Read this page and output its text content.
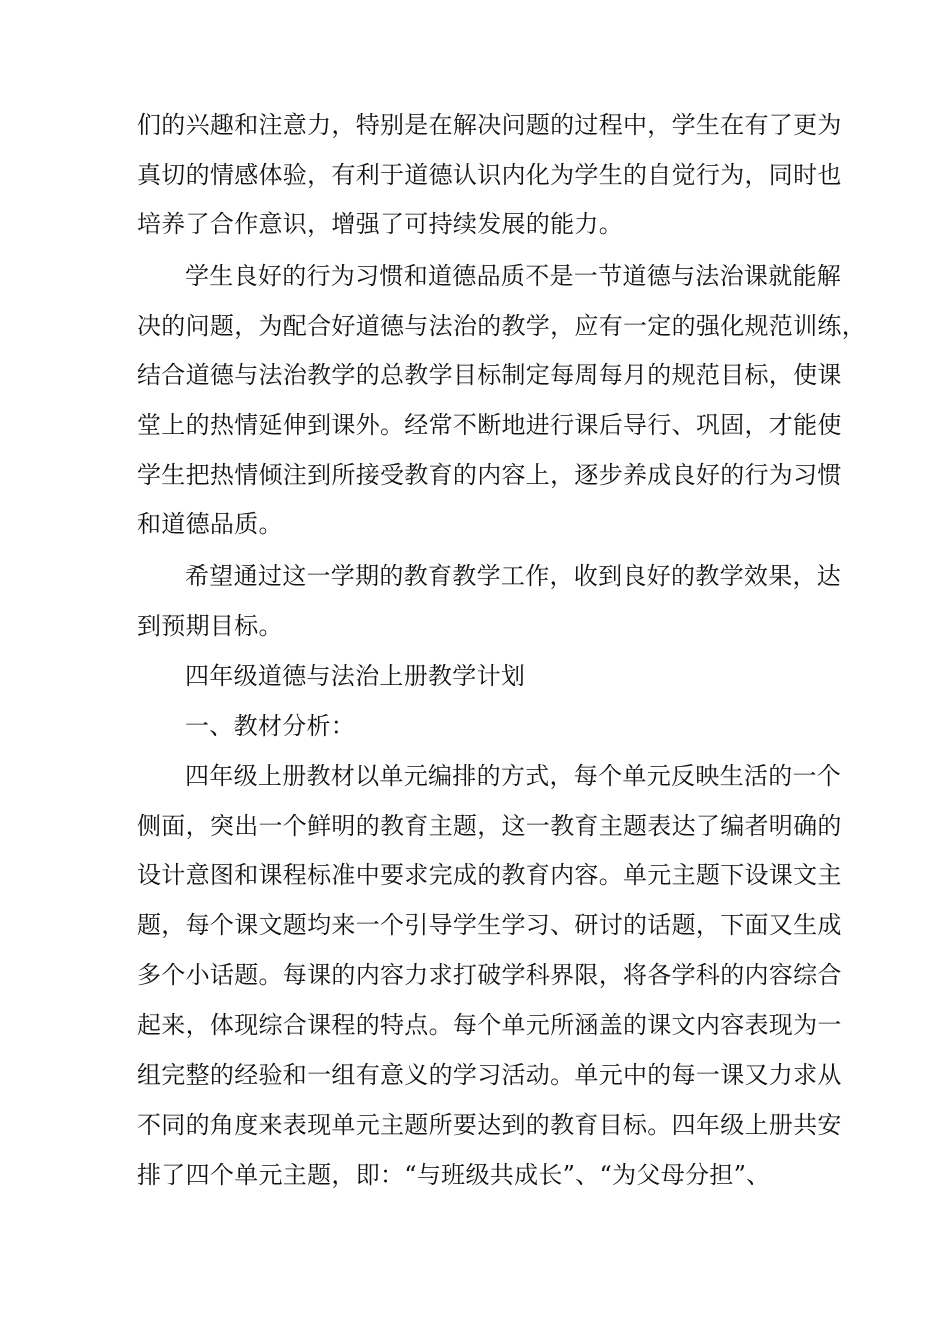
们的兴趣和注意力，特别是在解决问题的过程中，学生在有了更为
真切的情感体验，有利于道德认识内化为学生的自觉行为，同时也
培养了合作意识，增强了可持续发展的能力。
学生良好的行为习惯和道德品质不是一节道德与法治课就能解
决的问题，为配合好道德与法治的教学，应有一定的强化规范训练，
结合道德与法治教学的总教学目标制定每周每月的规范目标，使课
堂上的热情延伸到课外。经常不断地进行课后导行、巩固，才能使
学生把热情倾注到所接受教育的内容上，逐步养成良好的行为习惯
和道德品质。
希望通过这一学期的教育教学工作，收到良好的教学效果，达
到预期目标。
四年级道德与法治上册教学计划
一、教材分析：
四年级上册教材以单元编排的方式，每个单元反映生活的一个
侧面，突出一个鲜明的教育主题，这一教育主题表达了编者明确的
设计意图和课程标准中要求完成的教育内容。单元主题下设课文主
题，每个课文题均来一个引导学生学习、研讨的话题，下面又生成
多个小话题。每课的内容力求打破学科界限，将各学科的内容综合
起来，体现综合课程的特点。每个单元所涵盖的课文内容表现为一
组完整的经验和一组有意义的学习活动。单元中的每一课又力求从
不同的角度来表现单元主题所要达到的教育目标。四年级上册共安
排了四个单元主题，即：“与班级共成长”、“为父母分担”、
